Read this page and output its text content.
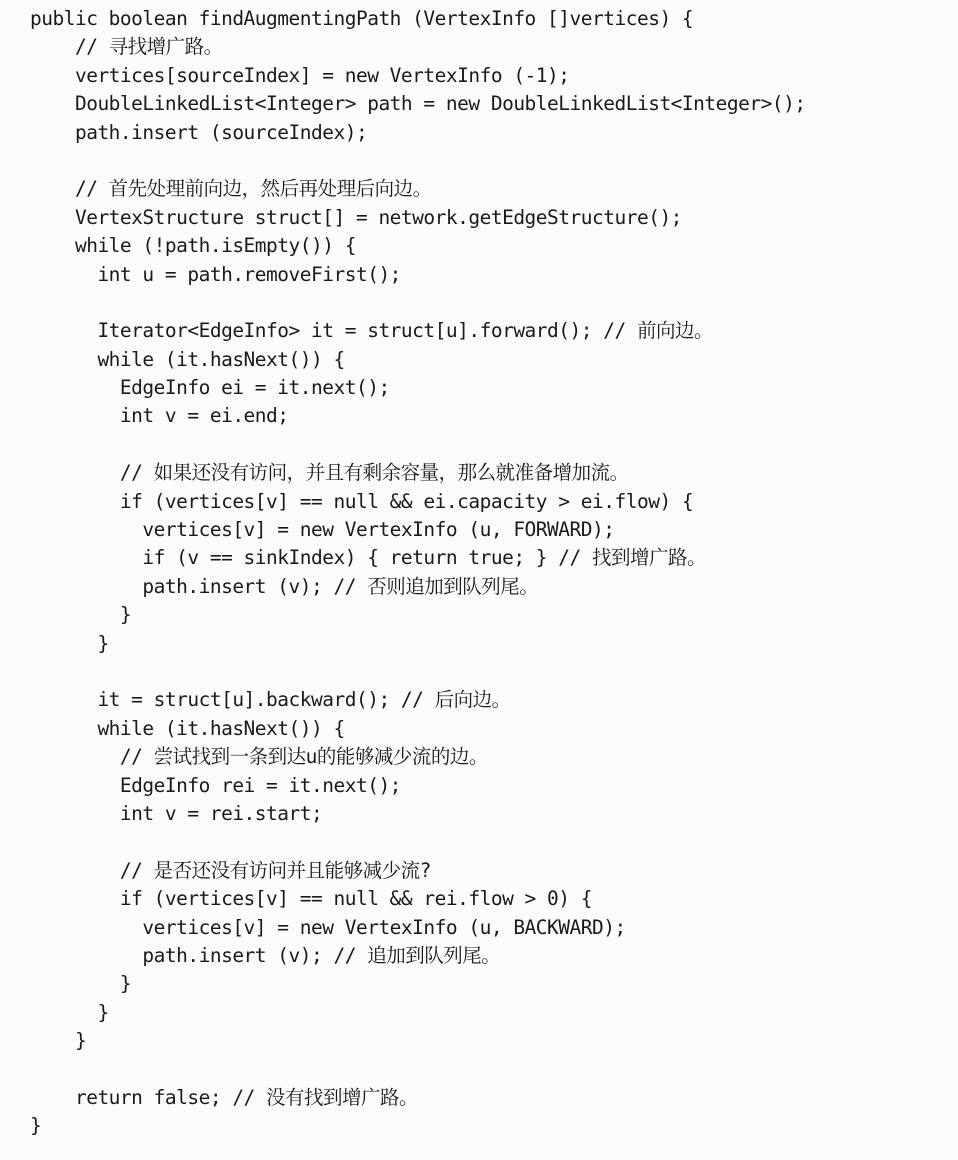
public boolean findAugmentingPath (VertexInfo []vertices) {
// 寻找增广路。
vertices[sourceIndex] = new VertexInfo (-1);
DoubleLinkedList<Integer> path = new DoubleLinkedList<Integer>();
path.insert (sourceIndex);
// 首先处理前向边，然后再处理后向边。
VertexStructure struct[] = network.getEdgeStructure();
while (!path.isEmpty()) {
int u = path.removeFirst();
Iterator<EdgeInfo> it = struct[u].forward(); // 前向边。
while (it.hasNext()) {
EdgeInfo ei = it.next();
int v = ei.end;
// 如果还没有访问，并且有剩余容量，那么就准备增加流。
if (vertices[v] == null && ei.capacity > ei.flow) {
vertices[v] = new VertexInfo (u, FORWARD);
if (v == sinkIndex) { return true; } // 找到增广路。
path.insert (v); // 否则追加到队列尾。
}
}
it = struct[u].backward(); // 后向边。
while (it.hasNext()) {
// 尝试找到一条到达u的能够减少流的边。
EdgeInfo rei = it.next();
int v = rei.start;
// 是否还没有访问并且能够减少流?
if (vertices[v] == null && rei.flow > 0) {
vertices[v] = new VertexInfo (u, BACKWARD);
path.insert (v); // 追加到队列尾。
}
}
}
return false; // 没有找到增广路。
}
